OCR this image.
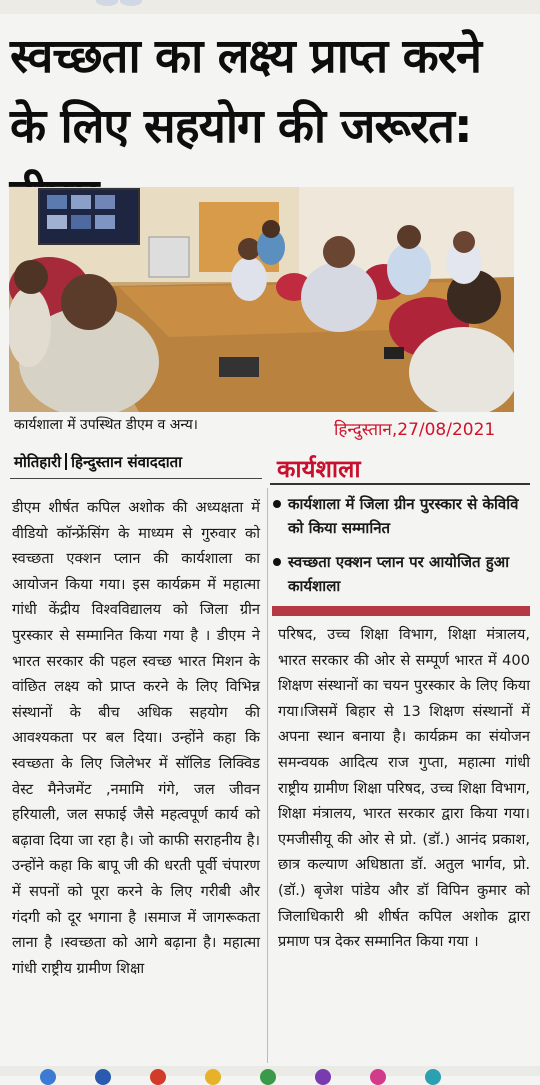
स्वच्छता का लक्ष्य प्राप्त करने के लिए सहयोग की जरूरत:
कार्यशाला में उपस्थित डीएम व अन्य।	हिन्दुस्तान,27/08/2021
मोतिहारी हिन्दुस्तान संवाददाता	कार्यशाला
कार्यशाला में जिला ग्रीन पुरस्कार से केविवि को किया सम्मानित
स्वच्छता एक्शन प्लान पर आयोजित हुआ कार्यशाला

डीएम शीर्षत कपिल अशोक की अध्यक्षता में वीडियो कॉन्फ्रेंसिंग के माध्यम से गुरुवार को स्वच्छता एक्शन प्लान की कार्यशाला का आयोजन किया गया। इस कार्यक्रम में महात्मा गांधी केंद्रीय विश्वविद्यालय को जिला ग्रीन पुरस्कार से सम्मानित किया गया है । डीएम ने भारत सरकार की पहल स्वच्छ भारत मिशन के वांछित लक्ष्य को प्राप्त करने के लिए विभिन्न संस्थानों के बीच अधिक सहयोग की आवश्यकता पर बल दिया। उन्होंने कहा कि स्वच्छता के लिए जिलेभर में सॉलिड लिक्विड वेस्ट मैनेजमेंट ,नमामि गंगे, जल जीवन हरियाली, जल सफाई जैसे महत्वपूर्ण कार्य को बढ़ावा दिया जा रहा है। जो काफी सराहनीय है। उन्होंने कहा कि बापू जी की धरती पूर्वी चंपारण में सपनों को पूरा करने के लिए गरीबी और गंदगी को दूर भगाना है ।समाज में जागरूकता लाना है ।स्वच्छता को आगे बढ़ाना है। महात्मा गांधी राष्ट्रीय ग्रामीण शिक्षा

परिषद, उच्च शिक्षा विभाग, शिक्षा मंत्रालय, भारत सरकार की ओर से सम्पूर्ण भारत में 400 शिक्षण संस्थानों का चयन पुरस्कार के लिए किया गया।जिसमें बिहार से 13 शिक्षण संस्थानों में अपना स्थान बनाया है। कार्यक्रम का संयोजन समन्वयक आदित्य राज गुप्ता, महात्मा गांधी राष्ट्रीय ग्रामीण शिक्षा परिषद, उच्च शिक्षा विभाग, शिक्षा मंत्रालय, भारत सरकार द्वारा किया गया।एमजीसीयू की ओर से प्रो. (डॉ.) आनंद प्रकाश, छात्र कल्याण अधिष्ठाता डॉ. अतुल भार्गव, प्रो. (डॉ.) बृजेश पांडेय और डॉ विपिन कुमार को जिलाधिकारी श्री शीर्षत कपिल अशोक द्वारा प्रमाण पत्र देकर सम्मानित किया गया ।
